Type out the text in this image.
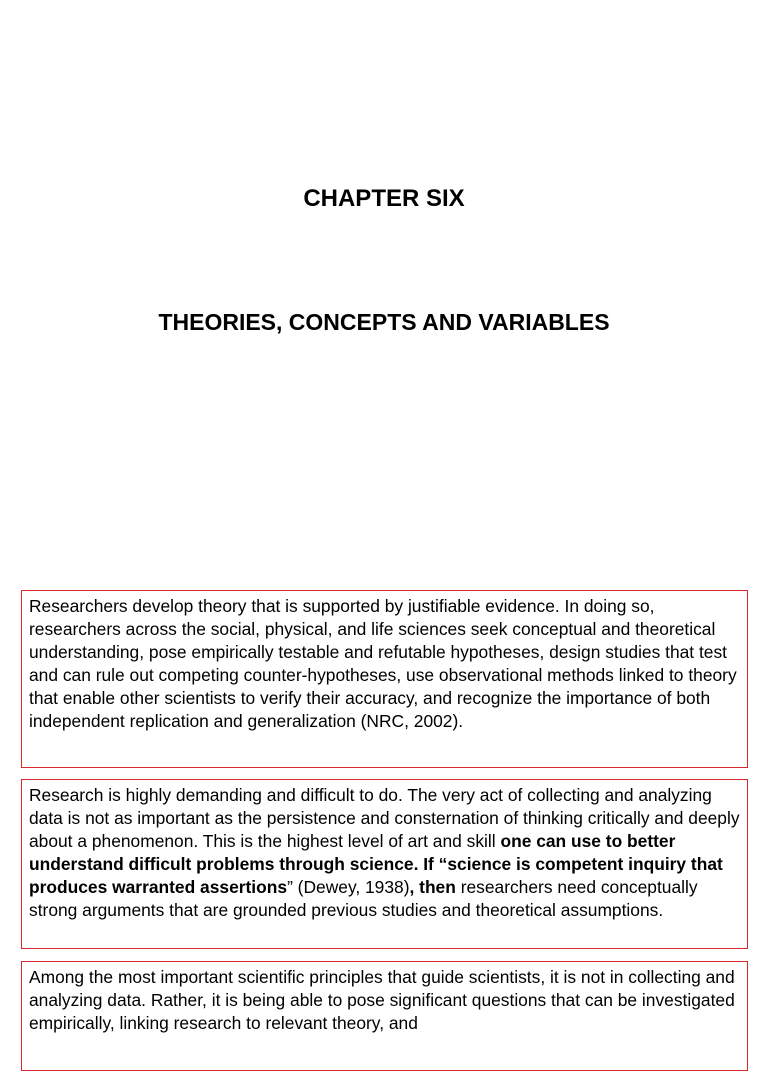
CHAPTER SIX
THEORIES, CONCEPTS AND VARIABLES

Researchers develop theory that is supported by justifiable evidence. In doing so, researchers across the social, physical, and life sciences seek conceptual and theoretical understanding, pose empirically testable and refutable hypotheses, design studies that test and can rule out competing counter-hypotheses, use observational methods linked to theory that enable other scientists to verify their accuracy, and recognize the importance of both independent replication and generalization (NRC, 2002).

Research is highly demanding and difficult to do. The very act of collecting and analyzing data is not as important as the persistence and consternation of thinking critically and deeply about a phenomenon. This is the highest level of art and skill one can use to better understand difficult problems through science. If “science is competent inquiry that produces warranted assertions” (Dewey, 1938), then researchers need conceptually strong arguments that are grounded previous studies and theoretical assumptions.

Among the most important scientific principles that guide scientists, it is not in collecting and analyzing data. Rather, it is being able to pose significant questions that can be investigated empirically, linking research to relevant theory, and
